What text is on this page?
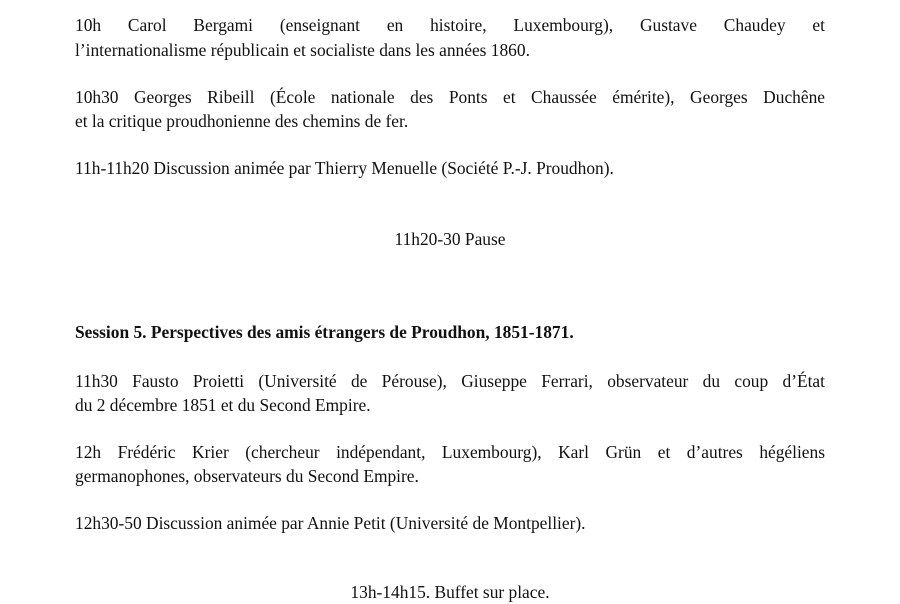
10h Carol Bergami (enseignant en histoire, Luxembourg), Gustave Chaudey et
l’internationalisme républicain et socialiste dans les années 1860.
10h30 Georges Ribeill (École nationale des Ponts et Chaussée émérite), Georges Duchêne
et la critique proudhonienne des chemins de fer.
11h-11h20 Discussion animée par Thierry Menuelle (Société P.-J. Proudhon).
11h20-30 Pause
Session 5. Perspectives des amis étrangers de Proudhon, 1851-1871.
11h30 Fausto Proietti (Université de Pérouse), Giuseppe Ferrari, observateur du coup d’État
du 2 décembre 1851 et du Second Empire.
12h Frédéric Krier (chercheur indépendant, Luxembourg), Karl Grün et d’autres hégéliens
germanophones, observateurs du Second Empire.
12h30-50 Discussion animée par Annie Petit (Université de Montpellier).
13h-14h15. Buffet sur place.
